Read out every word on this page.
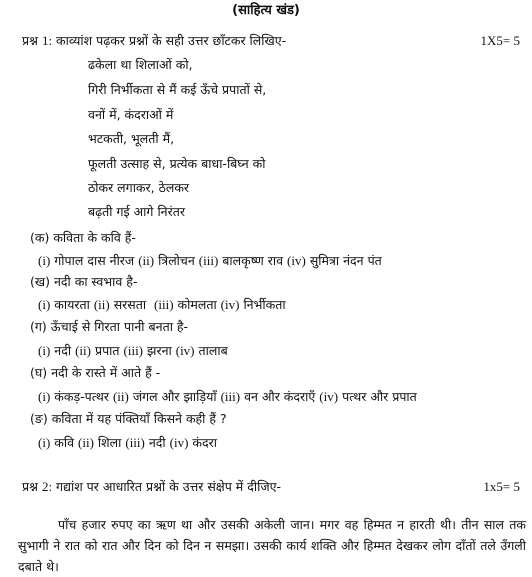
(साहित्य खंड)
प्रश्न 1: काव्यांश पढ़कर प्रश्नों के सही उत्तर छाँटकर लिखिए-	1X5= 5
ढकेला था शिलाओं को,
गिरी निर्भीकता से मैं कई ऊँचे प्रपातों से,
वनों में, कंदराओं में
भटकती, भूलती मैं,
फूलती उत्साह से, प्रत्येक बाधा-बिघ्न को
ठोकर लगाकर, ठेलकर
बढ़ती गई आगे निरंतर
(क) कविता के कवि हैं-
(i) गोपाल दास नीरज (ii) त्रिलोचन (iii) बालकृष्ण राव (iv) सुमित्रा नंदन पंत
(ख) नदी का स्वभाव है-
(i) कायरता (ii) सरसता (iii) कोमलता (iv) निर्भीकता
(ग) ऊँचाई से गिरता पानी बनता है-
(i) नदी (ii) प्रपात (iii) झरना (iv) तालाब
(घ) नदी के रास्ते में आते हैं -
(i) कंकड़-पत्थर (ii) जंगल और झाड़ियाँ (iii) वन और कंदराएँ (iv) पत्थर और प्रपात
(ङ) कविता में यह पंक्तियाँ किसने कही हैं ?
(i) कवि (ii) शिला (iii) नदी (iv) कंदरा
प्रश्न 2: गद्यांश पर आधारित प्रश्नों के उत्तर संक्षेप में दीजिए-	1x5= 5
पाँच हजार रुपए का ऋण था और उसकी अकेली जान। मगर वह हिम्मत न हारती थी। तीन साल तक सुभागी ने रात को रात और दिन को दिन न समझा। उसकी कार्य शक्ति और हिम्मत देखकर लोग दाँतों तले उँगली दबाते थे।
